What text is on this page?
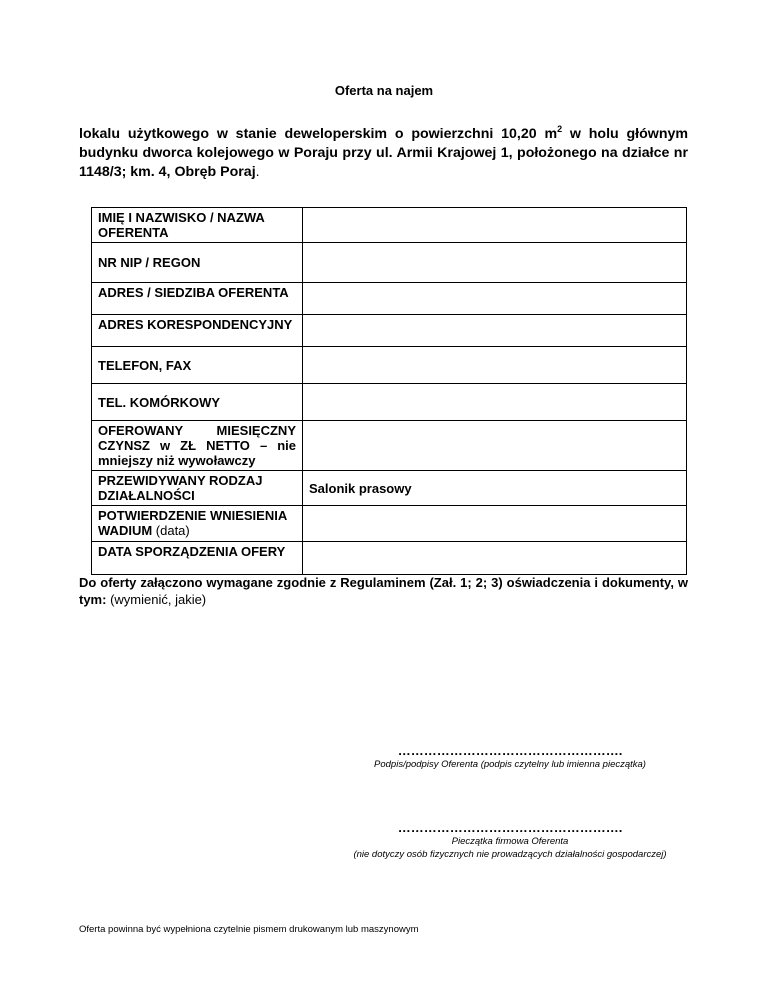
Oferta na najem
lokalu użytkowego w stanie deweloperskim o powierzchni 10,20 $m^2$ w holu głównym budynku dworca kolejowego w Poraju przy ul. Armii Krajowej 1, położonego na działce nr 1148/3; km. 4, Obręb Poraj.
IMIĘ I NAZWISKO / NAZWA OFERENTA	
NR NIP / REGON	
ADRES / SIEDZIBA OFERENTA	
ADRES KORESPONDENCYJNY	
TELEFON, FAX	
TEL. KOMÓRKOWY	
OFEROWANY MIESIĘCZNY CZYNSZ w ZŁ NETTO – nie mniejszy niż wywoławczy	
PRZEWIDYWANY RODZAJ DZIAŁALNOŚCI	Salonik prasowy
POTWIERDZENIE WNIESIENIA WADIUM (data)	
DATA SPORZĄDZENIA OFERY	
Do oferty załączono wymagane zgodnie z Regulaminem (Zał. 1; 2; 3) oświadczenia i dokumenty, w tym: (wymienić, jakie)
…………………………………………….
Podpis/podpisy Oferenta (podpis czytelny lub imienna pieczątka)
…………………………………………….
Pieczątka firmowa Oferenta
(nie dotyczy osób fizycznych nie prowadzących działalności gospodarczej)
Oferta powinna być wypełniona czytelnie pismem drukowanym lub maszynowym
